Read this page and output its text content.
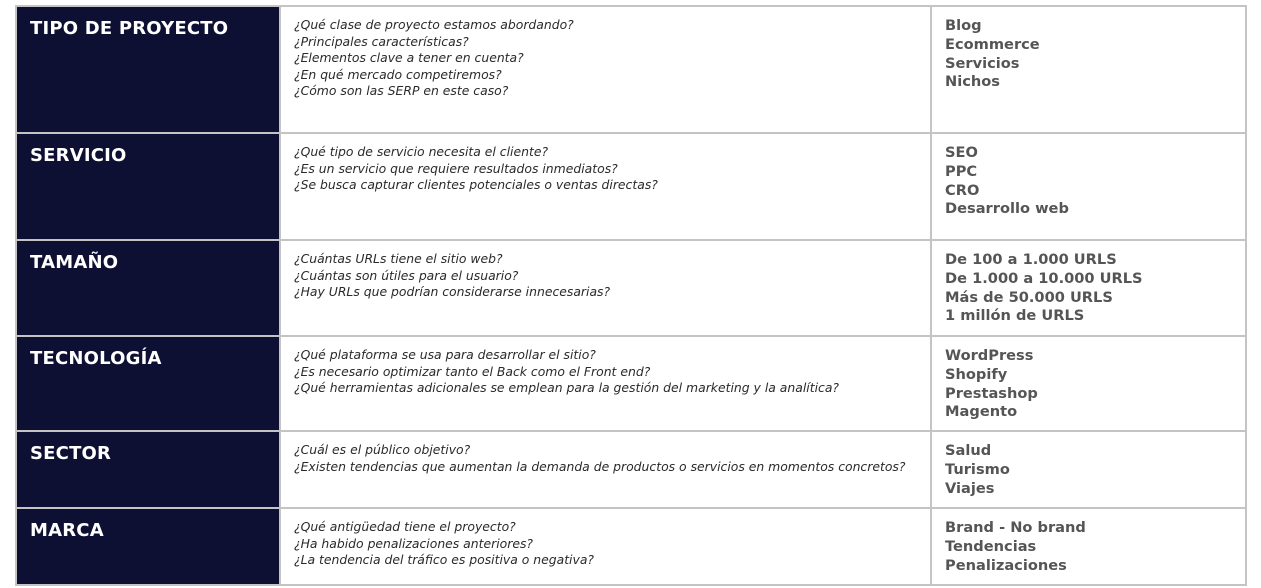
TIPO DE PROYECTO	¿Qué clase de proyecto estamos abordando?
¿Principales características?
¿Elementos clave a tener en cuenta?
¿En qué mercado competiremos?
¿Cómo son las SERP en este caso?	Blog
Ecommerce
Servicios
Nichos

SERVICIO	¿Qué tipo de servicio necesita el cliente?
¿Es un servicio que requiere resultados inmediatos?
¿Se busca capturar clientes potenciales o ventas directas?	SEO
PPC
CRO
Desarrollo web

TAMAÑO	¿Cuántas URLs tiene el sitio web?
¿Cuántas son útiles para el usuario?
¿Hay URLs que podrían considerarse innecesarias?	De 100 a 1.000 URLS
De 1.000 a 10.000 URLS
Más de 50.000 URLS
1 millón de URLS

TECNOLOGÍA	¿Qué plataforma se usa para desarrollar el sitio?
¿Es necesario optimizar tanto el Back como el Front end?
¿Qué herramientas adicionales se emplean para la gestión del marketing y la analítica?	WordPress
Shopify
Prestashop
Magento

SECTOR	¿Cuál es el público objetivo?
¿Existen tendencias que aumentan la demanda de productos o servicios en momentos concretos?	Salud
Turismo
Viajes

MARCA	¿Qué antigüedad tiene el proyecto?
¿Ha habido penalizaciones anteriores?
¿La tendencia del tráfico es positiva o negativa?	Brand - No brand
Tendencias
Penalizaciones
